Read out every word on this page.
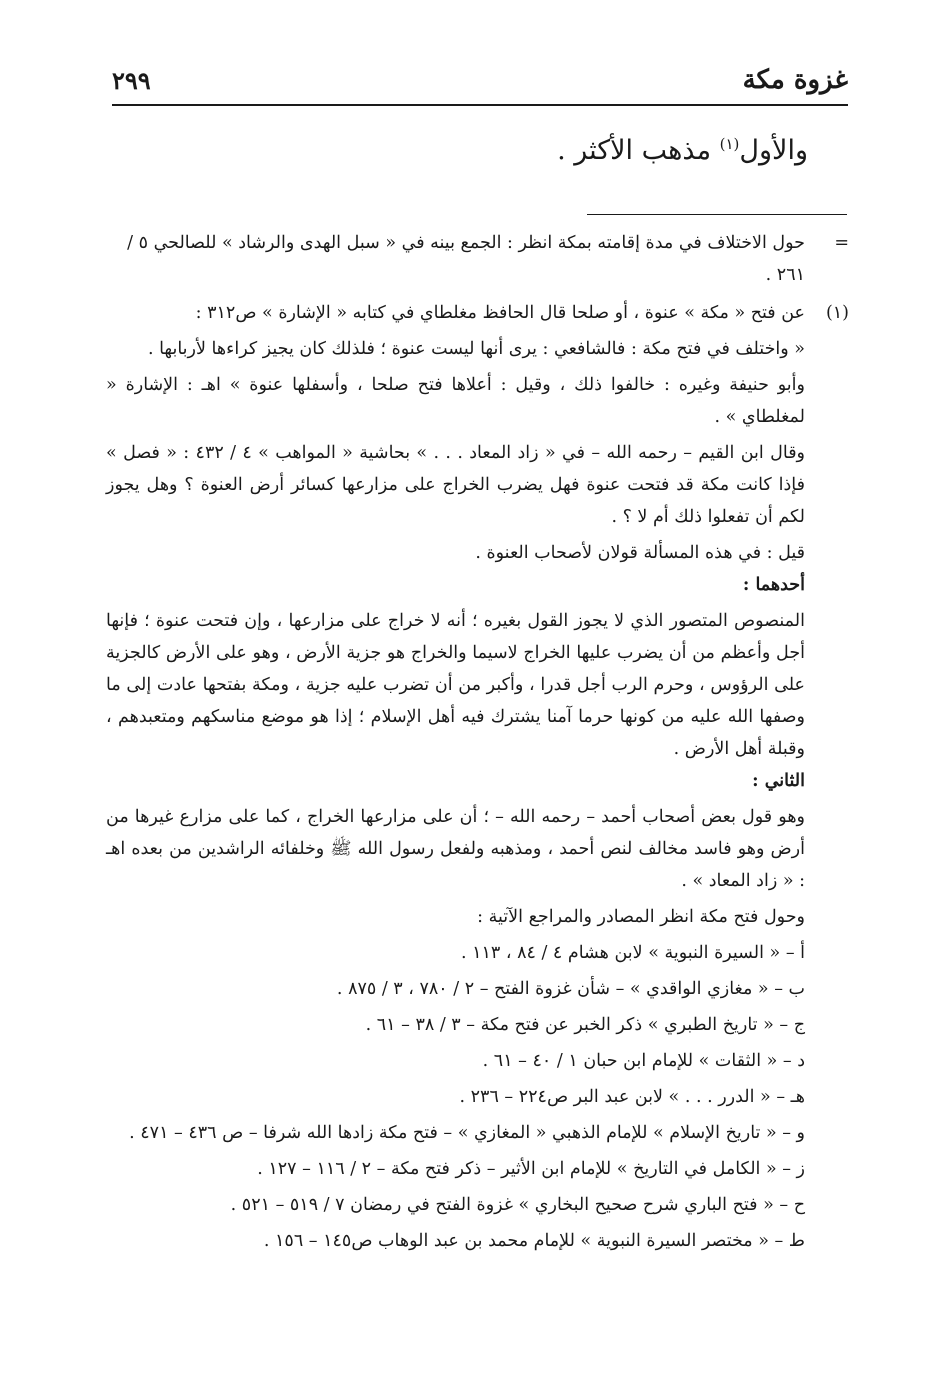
غزوة مكة
٢٩٩
والأول$^{(١)}$ مذهب الأكثر .
=

حول الاختلاف في مدة إقامته بمكة انظر : الجمع بينه في « سبل الهدى والرشاد » للصالحي ٥ / ٢٦١ .

(١)

عن فتح « مكة » عنوة ، أو صلحا قال الحافظ مغلطاي في كتابه « الإشارة » ص٣١٢ :

« واختلف في فتح مكة : فالشافعي : يرى أنها ليست عنوة ؛ فلذلك كان يجيز كراءها لأربابها .

وأبو حنيفة وغيره : خالفوا ذلك ، وقيل : أعلاها فتح صلحا ، وأسفلها عنوة » اهـ : الإشارة « لمغلطاي » .

وقال ابن القيم – رحمه الله – في « زاد المعاد . . . » بحاشية « المواهب » ٤ / ٤٣٢ : « فصل » فإذا كانت مكة قد فتحت عنوة فهل يضرب الخراج على مزارعها كسائر أرض العنوة ؟ وهل يجوز لكم أن تفعلوا ذلك أم لا ؟ .

قيل : في هذه المسألة قولان لأصحاب العنوة .

أحدهما :

المنصوص المتصور الذي لا يجوز القول بغيره ؛ أنه لا خراج على مزارعها ، وإن فتحت عنوة ؛ فإنها أجل وأعظم من أن يضرب عليها الخراج لاسيما والخراج هو جزية الأرض ، وهو على الأرض كالجزية على الرؤوس ، وحرم الرب أجل قدرا ، وأكبر من أن تضرب عليه جزية ، ومكة بفتحها عادت إلى ما وصفها الله عليه من كونها حرما آمنا يشترك فيه أهل الإسلام ؛ إذا هو موضع مناسكهم ومتعبدهم ، وقبلة أهل الأرض .

الثاني :

وهو قول بعض أصحاب أحمد – رحمه الله – ؛ أن على مزارعها الخراج ، كما على مزارع غيرها من أرض وهو فاسد مخالف لنص أحمد ، ومذهبه ولفعل رسول الله ﷺ وخلفائه الراشدين من بعده اهـ : « زاد المعاد » .

وحول فتح مكة انظر المصادر والمراجع الآتية :

أ – « السيرة النبوية » لابن هشام ٤ / ٨٤ ، ١١٣ .

ب – « مغازي الواقدي » – شأن غزوة الفتح – ٢ / ٧٨٠ ، ٣ / ٨٧٥ .

ج – « تاريخ الطبري » ذكر الخبر عن فتح مكة – ٣ / ٣٨ – ٦١ .

د – « الثقات » للإمام ابن حبان ١ / ٤٠ – ٦١ .

هـ – « الدرر . . . » لابن عبد البر ص٢٢٤ – ٢٣٦ .

و – « تاريخ الإسلام » للإمام الذهبي « المغازي » – فتح مكة زادها الله شرفا – ص ٤٣٦ – ٤٧١ .

ز – « الكامل في التاريخ » للإمام ابن الأثير – ذكر فتح مكة – ٢ / ١١٦ – ١٢٧ .

ح – « فتح الباري شرح صحيح البخاري » غزوة الفتح في رمضان ٧ / ٥١٩ – ٥٢١ .

ط – « مختصر السيرة النبوية » للإمام محمد بن عبد الوهاب ص١٤٥ – ١٥٦ .
